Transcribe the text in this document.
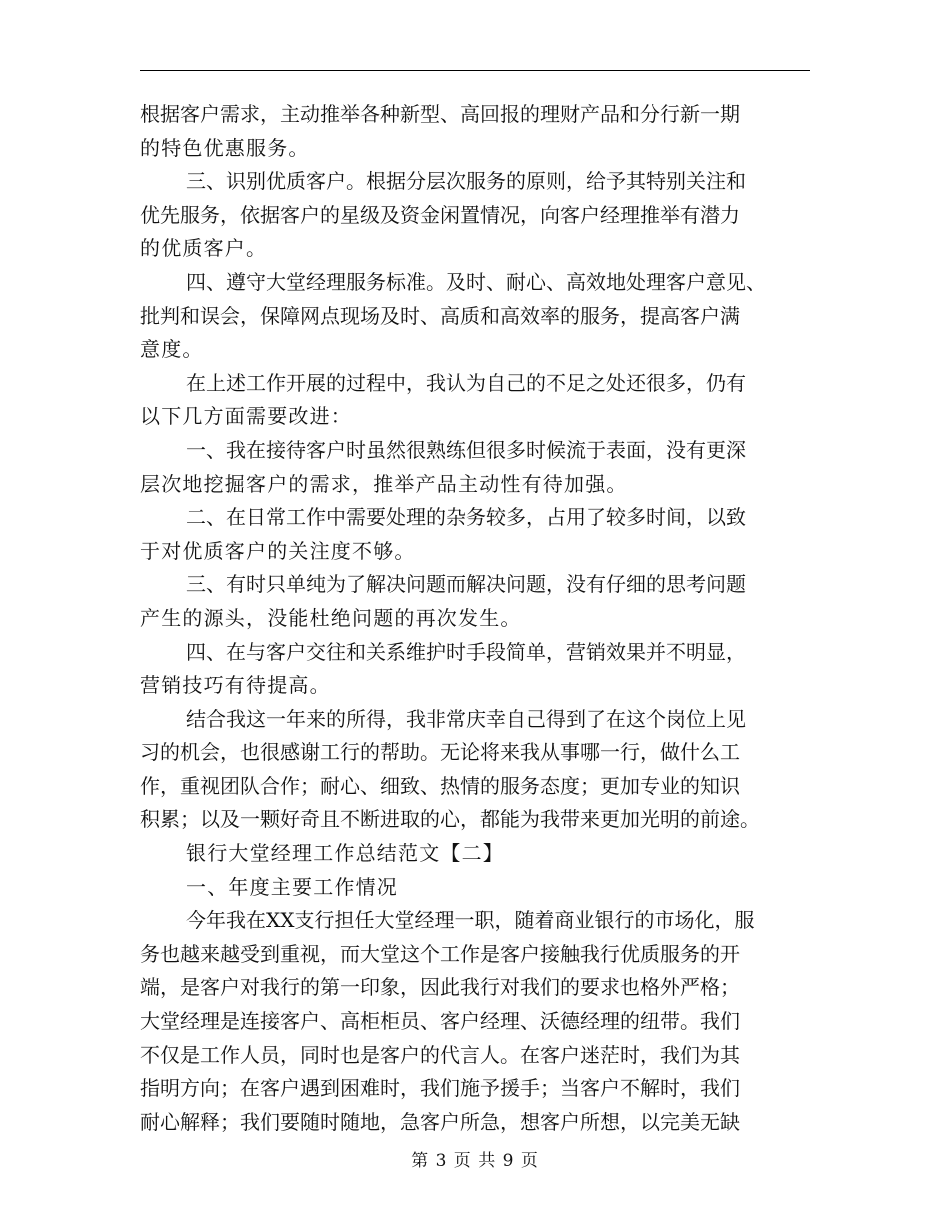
根据客户需求，主动推举各种新型、高回报的理财产品和分行新一期
的特色优惠服务。
三、识别优质客户。根据分层次服务的原则，给予其特别关注和
优先服务，依据客户的星级及资金闲置情况，向客户经理推举有潜力
的优质客户。
四、遵守大堂经理服务标准。及时、耐心、高效地处理客户意见、
批判和误会，保障网点现场及时、高质和高效率的服务，提高客户满
意度。
在上述工作开展的过程中，我认为自己的不足之处还很多，仍有
以下几方面需要改进：
一、我在接待客户时虽然很熟练但很多时候流于表面，没有更深
层次地挖掘客户的需求，推举产品主动性有待加强。
二、在日常工作中需要处理的杂务较多，占用了较多时间，以致
于对优质客户的关注度不够。
三、有时只单纯为了解决问题而解决问题，没有仔细的思考问题
产生的源头，没能杜绝问题的再次发生。
四、在与客户交往和关系维护时手段简单，营销效果并不明显，
营销技巧有待提高。
结合我这一年来的所得，我非常庆幸自己得到了在这个岗位上见
习的机会，也很感谢工行的帮助。无论将来我从事哪一行，做什么工
作，重视团队合作；耐心、细致、热情的服务态度；更加专业的知识
积累；以及一颗好奇且不断进取的心，都能为我带来更加光明的前途。
银行大堂经理工作总结范文【二】
一、年度主要工作情况
今年我在XX支行担任大堂经理一职，随着商业银行的市场化，服
务也越来越受到重视，而大堂这个工作是客户接触我行优质服务的开
端，是客户对我行的第一印象，因此我行对我们的要求也格外严格；
大堂经理是连接客户、高柜柜员、客户经理、沃德经理的纽带。我们
不仅是工作人员，同时也是客户的代言人。在客户迷茫时，我们为其
指明方向；在客户遇到困难时，我们施予援手；当客户不解时，我们
耐心解释；我们要随时随地，急客户所急，想客户所想，以完美无缺
第 3 页 共 9 页
